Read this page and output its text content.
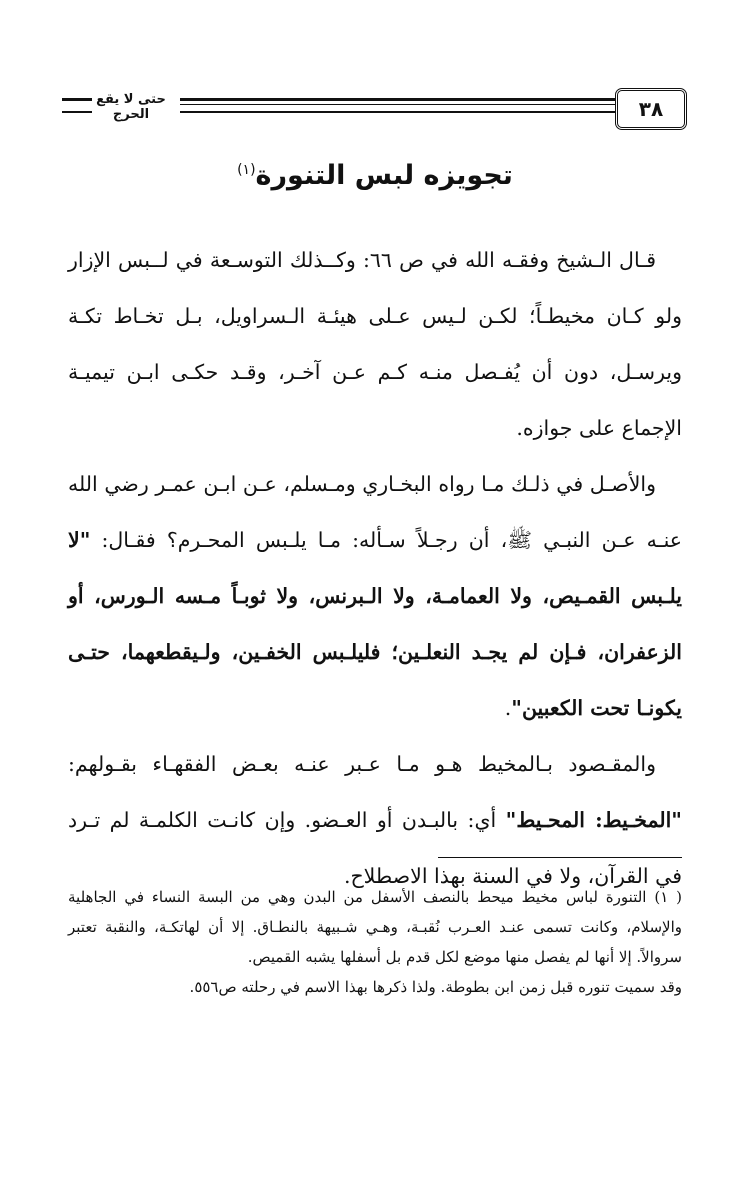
٣٨
حتى لا يقع الحرج
تجويزه لبس التنورة$^{(١)}$

قـال الـشيخ وفقـه الله في ص ٦٦: وكــذلك التوسـعة في لــبس الإزار ولو كـان مخيطـاً؛ لكـن لـيس عـلى هيئـة الـسراويل، بـل تخـاط تكـة ويرسـل، دون أن يُفـصل منـه كـم عـن آخـر، وقـد حكـى ابـن تيميـة الإجماع على جوازه.

والأصـل في ذلـك مـا رواه البخـاري ومـسلم، عـن ابـن عمـر رضي الله عنـه عـن النبـي ﷺ، أن رجـلاً سـأله: مـا يلـبس المحـرم؟ فقـال: "لا يلـبس القمـيص، ولا العمامـة، ولا الـبرنس، ولا ثوبـاً مـسه الـورس، أو الزعفران، فـإن لم يجـد النعلـين؛ فليلـبس الخفـين، ولـيقطعهما، حتـى يكونـا تحت الكعبين".

والمقـصود بـالمخيط هـو مـا عـبر عنـه بعـض الفقهـاء بقـولهم: "المخـيط: المحـيط" أي: بالبـدن أو العـضو. وإن كانـت الكلمـة لم تـرد في القرآن، ولا في السنة بهذا الاصطلاح.

( ١) التنورة لباس مخيط ميحط بالنصف الأسفل من البدن وهي من البسة النساء في الجاهلية والإسلام، وكانت تسمى عنـد العـرب نُقبـة، وهـي شـبيهة بالنطـاق. إلا أن لهاتكـة، والنقبة تعتبر سروالاً. إلا أنها لم يفصل منها موضع لكل قدم بل أسفلها يشبه القميص.

وقد سميت تنوره قبل زمن ابن بطوطة. ولذا ذكرها بهذا الاسم في رحلته ص٥٥٦.
